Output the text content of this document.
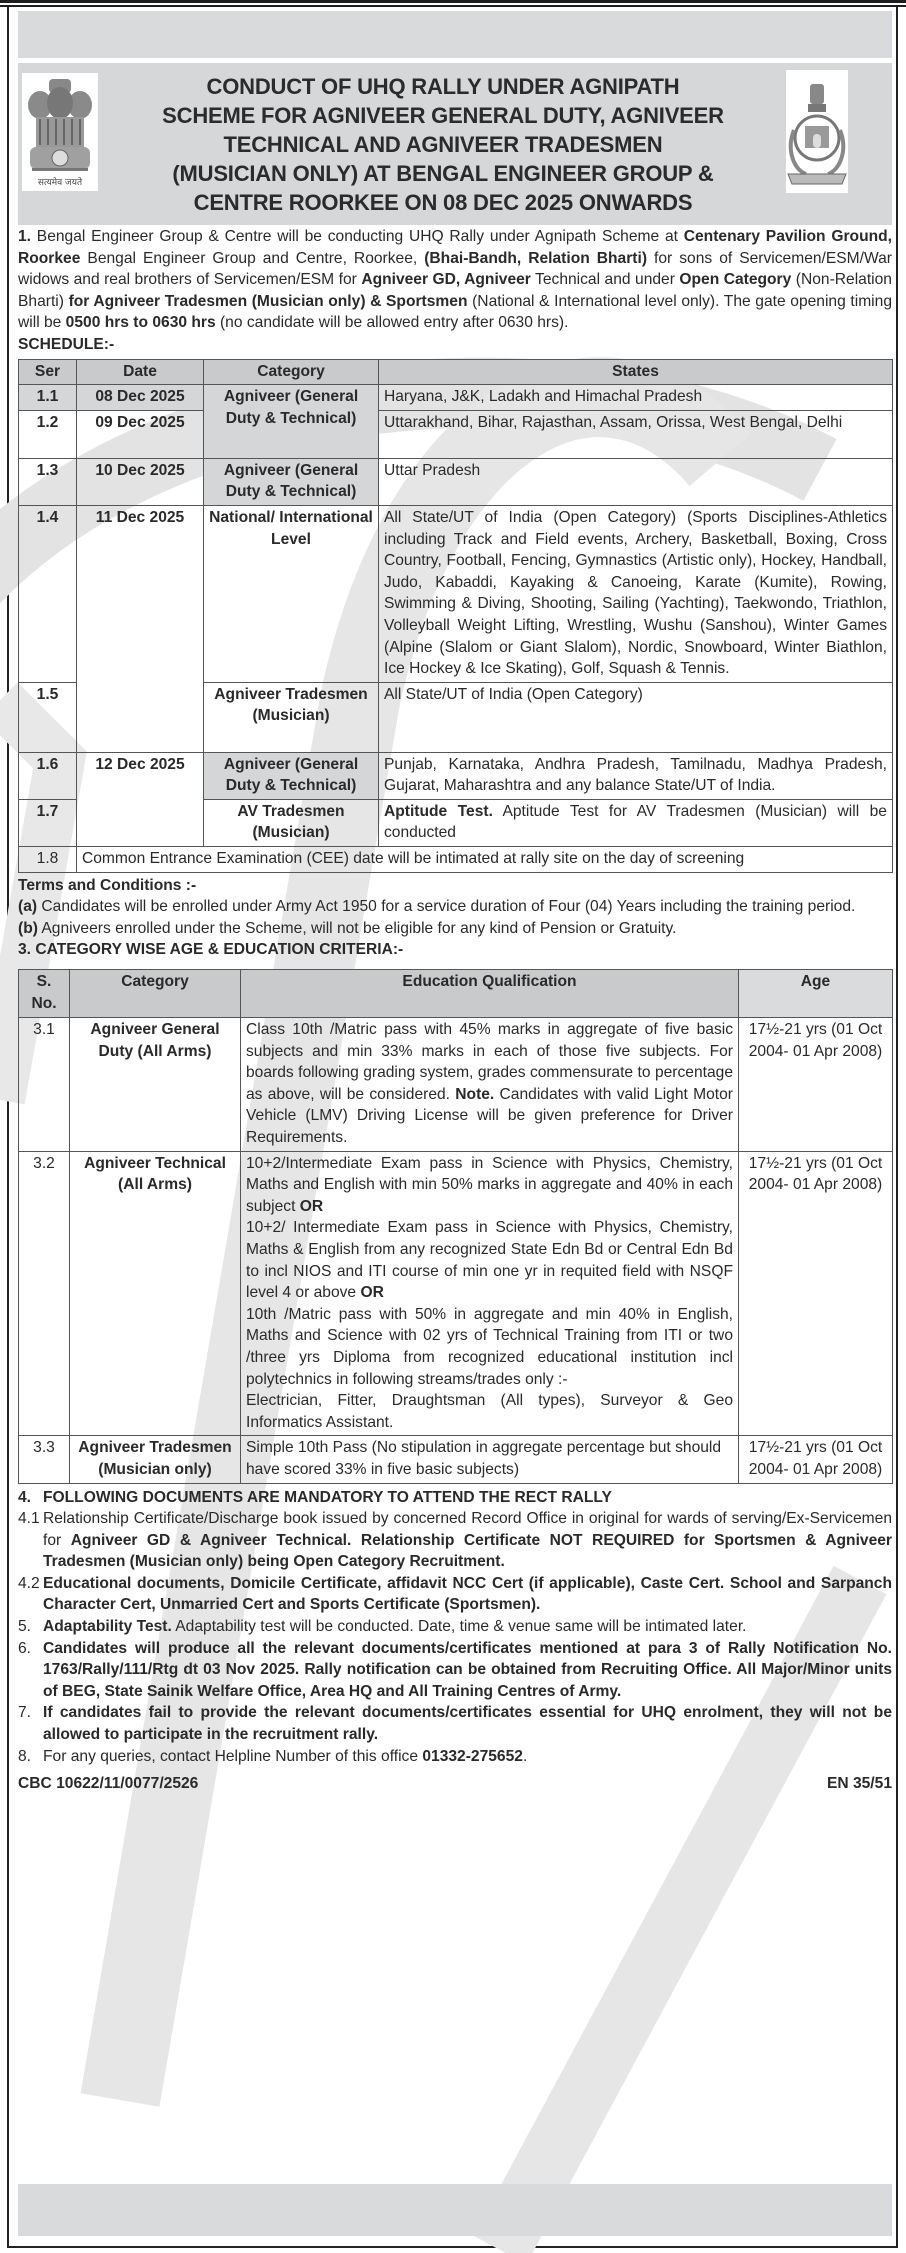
सत्यमेव जयते
CONDUCT OF UHQ RALLY UNDER AGNIPATH
SCHEME FOR AGNIVEER GENERAL DUTY, AGNIVEER
TECHNICAL AND AGNIVEER TRADESMEN
(MUSICIAN ONLY) AT BENGAL ENGINEER GROUP &
CENTRE ROORKEE ON 08 DEC 2025 ONWARDS

1. Bengal Engineer Group & Centre will be conducting UHQ Rally under Agnipath Scheme at Centenary Pavilion Ground, Roorkee Bengal Engineer Group and Centre, Roorkee, (Bhai-Bandh, Relation Bharti) for sons of Servicemen/ESM/War widows and real brothers of Servicemen/ESM for Agniveer GD, Agniveer Technical and under Open Category (Non-Relation Bharti) for Agniveer Tradesmen (Musician only) & Sportsmen (National & International level only). The gate opening timing will be 0500 hrs to 0630 hrs (no candidate will be allowed entry after 0630 hrs).

SCHEDULE:-

Ser	Date	Category	States
1.1	08 Dec 2025	Agniveer (General Duty & Technical)	Haryana, J&K, Ladakh and Himachal Pradesh
1.2	09 Dec 2025		Uttarakhand, Bihar, Rajasthan, Assam, Orissa, West Bengal, Delhi
1.3	10 Dec 2025	Agniveer (General Duty & Technical)	Uttar Pradesh
1.4	11 Dec 2025	National/ International Level	All State/UT of India (Open Category) (Sports Disciplines-Athletics including Track and Field events, Archery, Basketball, Boxing, Cross Country, Football, Fencing, Gymnastics (Artistic only), Hockey, Handball, Judo, Kabaddi, Kayaking & Canoeing, Karate (Kumite), Rowing, Swimming & Diving, Shooting, Sailing (Yachting), Taekwondo, Triathlon, Volleyball Weight Lifting, Wrestling, Wushu (Sanshou), Winter Games (Alpine (Slalom or Giant Slalom), Nordic, Snowboard, Winter Biathlon, Ice Hockey & Ice Skating), Golf, Squash & Tennis.
1.5		Agniveer Tradesmen (Musician)	All State/UT of India (Open Category)
1.6	12 Dec 2025	Agniveer (General Duty & Technical)	Punjab, Karnataka, Andhra Pradesh, Tamilnadu, Madhya Pradesh, Gujarat, Maharashtra and any balance State/UT of India.
1.7		AV Tradesmen (Musician)	Aptitude Test. Aptitude Test for AV Tradesmen (Musician) will be conducted
1.8	Common Entrance Examination (CEE) date will be intimated at rally site on the day of screening		

Terms and Conditions :-

(a) Candidates will be enrolled under Army Act 1950 for a service duration of Four (04) Years including the training period.

(b) Agniveers enrolled under the Scheme, will not be eligible for any kind of Pension or Gratuity.

3. CATEGORY WISE AGE & EDUCATION CRITERIA:-

S. No.	Category	Education Qualification	Age
3.1	Agniveer General Duty (All Arms)	Class 10th /Matric pass with 45% marks in aggregate of five basic subjects and min 33% marks in each of those five subjects. For boards following grading system, grades commensurate to percentage as above, will be considered. Note. Candidates with valid Light Motor Vehicle (LMV) Driving License will be given preference for Driver Requirements.	17½-21 yrs (01 Oct 2004- 01 Apr 2008)
3.2	Agniveer Technical (All Arms)	10+2/Intermediate Exam pass in Science with Physics, Chemistry, Maths and English with min 50% marks in aggregate and 40% in each subject OR
10+2/ Intermediate Exam pass in Science with Physics, Chemistry, Maths & English from any recognized State Edn Bd or Central Edn Bd to incl NIOS and ITI course of min one yr in requited field with NSQF level 4 or above OR
10th /Matric pass with 50% in aggregate and min 40% in English, Maths and Science with 02 yrs of Technical Training from ITI or two /three yrs Diploma from recognized educational institution incl polytechnics in following streams/trades only :-
Electrician, Fitter, Draughtsman (All types), Surveyor & Geo Informatics Assistant.	17½-21 yrs (01 Oct 2004- 01 Apr 2008)
3.3	Agniveer Tradesmen (Musician only)	Simple 10th Pass (No stipulation in aggregate percentage but should have scored 33% in five basic subjects)	17½-21 yrs (01 Oct 2004- 01 Apr 2008)
4. FOLLOWING DOCUMENTS ARE MANDATORY TO ATTEND THE RECT RALLY
4.1 Relationship Certificate/Discharge book issued by concerned Record Office in original for wards of serving/Ex-Servicemen for Agniveer GD & Agniveer Technical. Relationship Certificate NOT REQUIRED for Sportsmen & Agniveer Tradesmen (Musician only) being Open Category Recruitment.
4.2 Educational documents, Domicile Certificate, affidavit NCC Cert (if applicable), Caste Cert. School and Sarpanch Character Cert, Unmarried Cert and Sports Certificate (Sportsmen).
5. Adaptability Test. Adaptability test will be conducted. Date, time & venue same will be intimated later.
6. Candidates will produce all the relevant documents/certificates mentioned at para 3 of Rally Notification No. 1763/Rally/111/Rtg dt 03 Nov 2025. Rally notification can be obtained from Recruiting Office. All Major/Minor units of BEG, State Sainik Welfare Office, Area HQ and All Training Centres of Army.
7. If candidates fail to provide the relevant documents/certificates essential for UHQ enrolment, they will not be allowed to participate in the recruitment rally.
8. For any queries, contact Helpline Number of this office 01332-275652.
CBC 10622/11/0077/2526	EN 35/51
